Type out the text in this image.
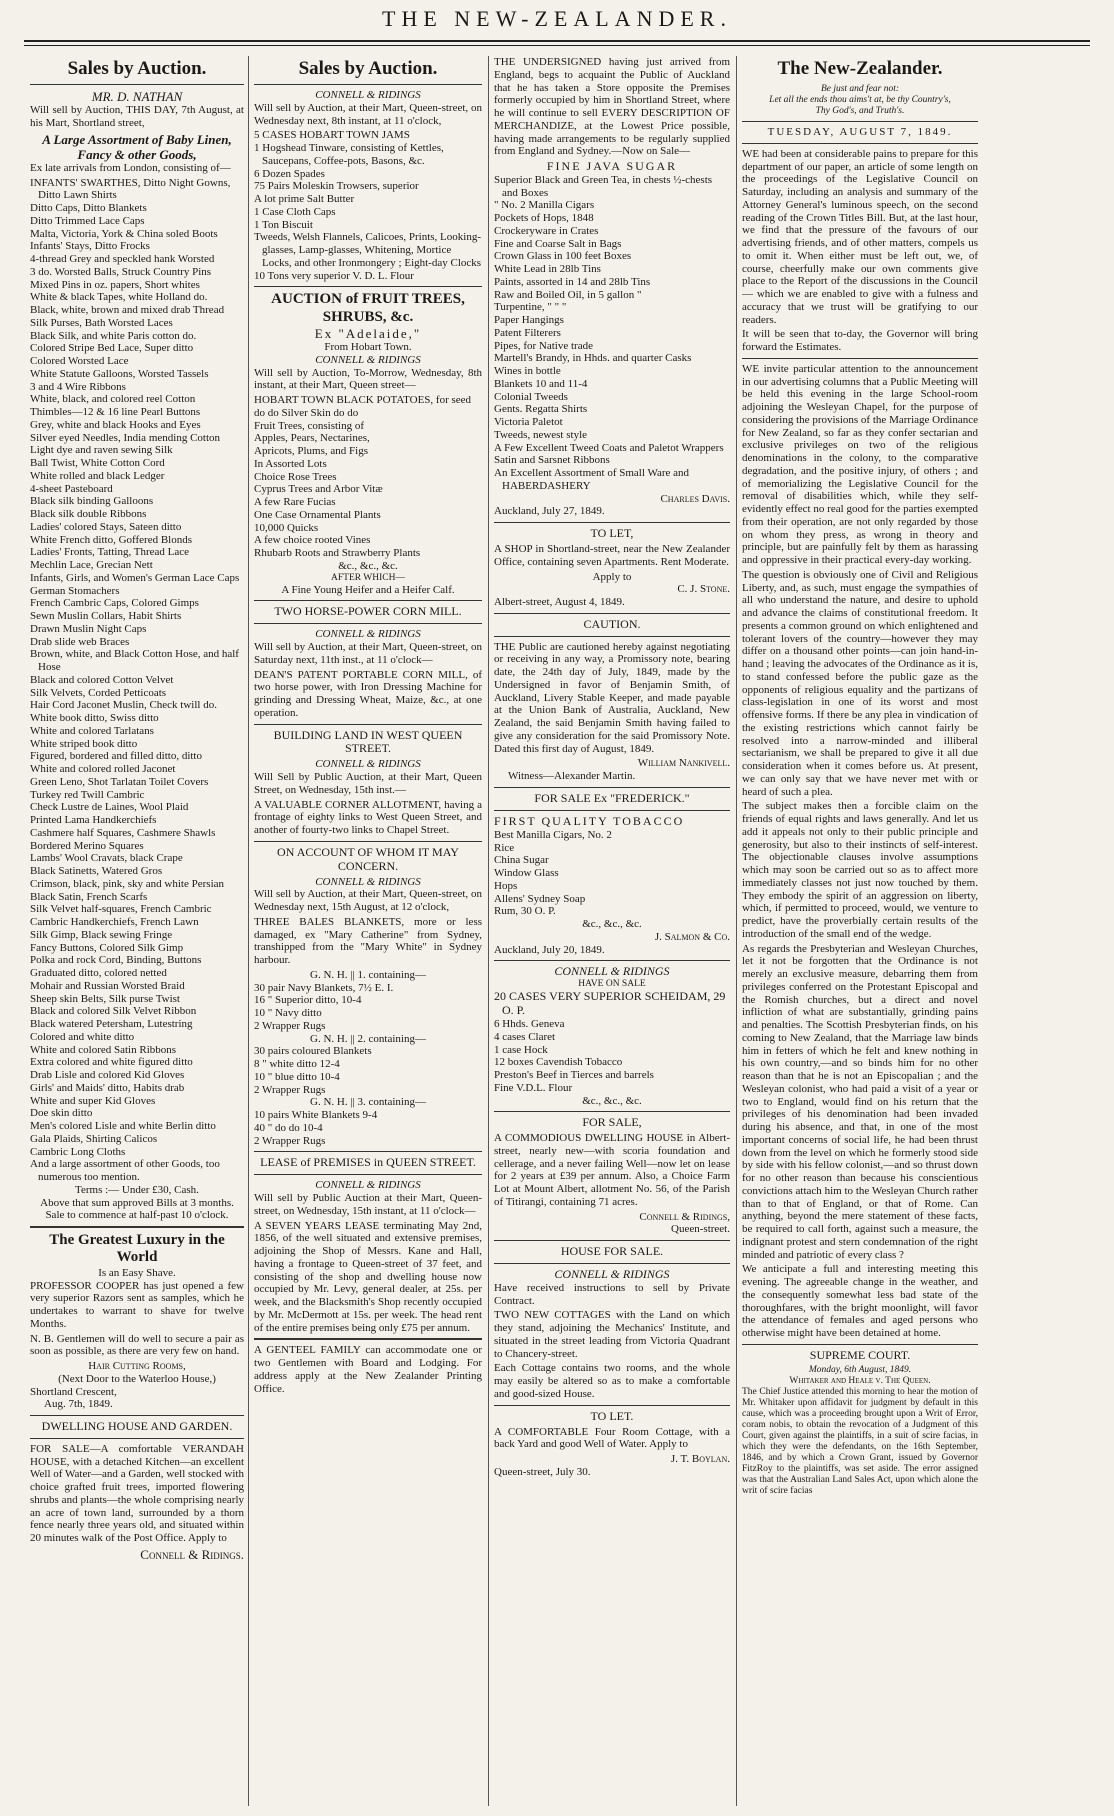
THE NEW-ZEALANDER.
Sales by Auction.
MR. D. NATHAN

Will sell by Auction, THIS DAY, 7th August, at his Mart, Shortland street,

A Large Assortment of Baby Linen, Fancy & other Goods,

Ex late arrivals from London, consisting of—

INFANTS' SWARTHES, Ditto Night Gowns, Ditto Lawn Shirts
Ditto Caps, Ditto Blankets
Ditto Trimmed Lace Caps
Malta, Victoria, York & China soled Boots
Infants' Stays, Ditto Frocks
4-thread Grey and speckled hank Worsted
3 do. Worsted Balls, Struck Country Pins
Mixed Pins in oz. papers, Short whites
White & black Tapes, white Holland do.
Black, white, brown and mixed drab Thread
Silk Purses, Bath Worsted Laces
Black Silk, and white Paris cotton do.
Colored Stripe Bed Lace, Super ditto
Colored Worsted Lace
White Statute Galloons, Worsted Tassels
3 and 4 Wire Ribbons
White, black, and colored reel Cotton
Thimbles—12 & 16 line Pearl Buttons
Grey, white and black Hooks and Eyes
Silver eyed Needles, India mending Cotton
Light dye and raven sewing Silk
Ball Twist, White Cotton Cord
White rolled and black Ledger
4-sheet Pasteboard
Black silk binding Galloons
Black silk double Ribbons
Ladies' colored Stays, Sateen ditto
White French ditto, Goffered Blonds
Ladies' Fronts, Tatting, Thread Lace
Mechlin Lace, Grecian Nett
Infants, Girls, and Women's German Lace Caps
German Stomachers
French Cambric Caps, Colored Gimps
Sewn Muslin Collars, Habit Shirts
Drawn Muslin Night Caps
Drab slide web Braces
Brown, white, and Black Cotton Hose, and half Hose
Black and colored Cotton Velvet
Silk Velvets, Corded Petticoats
Hair Cord Jaconet Muslin, Check twill do.
White book ditto, Swiss ditto
White and colored Tarlatans
White striped book ditto
Figured, bordered and filled ditto, ditto
White and colored rolled Jaconet
Green Leno, Shot Tarlatan Toilet Covers
Turkey red Twill Cambric
Check Lustre de Laines, Wool Plaid
Printed Lama Handkerchiefs
Cashmere half Squares, Cashmere Shawls
Bordered Merino Squares
Lambs' Wool Cravats, black Crape
Black Satinetts, Watered Gros
Crimson, black, pink, sky and white Persian
Black Satin, French Scarfs
Silk Velvet half-squares, French Cambric
Cambric Handkerchiefs, French Lawn
Silk Gimp, Black sewing Fringe
Fancy Buttons, Colored Silk Gimp
Polka and rock Cord, Binding, Buttons
Graduated ditto, colored netted
Mohair and Russian Worsted Braid
Sheep skin Belts, Silk purse Twist
Black and colored Silk Velvet Ribbon
Black watered Petersham, Lutestring
Colored and white ditto
White and colored Satin Ribbons
Extra colored and white figured ditto
Drab Lisle and colored Kid Gloves
Girls' and Maids' ditto, Habits drab
White and super Kid Gloves
Doe skin ditto
Men's colored Lisle and white Berlin ditto
Gala Plaids, Shirting Calicos
Cambric Long Cloths
And a large assortment of other Goods, too numerous too mention.
Terms :— Under £30, Cash.
Above that sum approved Bills at 3 months.
Sale to commence at half-past 10 o'clock.
The Greatest Luxury in the World
Is an Easy Shave.

PROFESSOR COOPER has just opened a few very superior Razors sent as samples, which he undertakes to warrant to shave for twelve Months.

N. B. Gentlemen will do well to secure a pair as soon as possible, as there are very few on hand.

Hair Cutting Rooms,
(Next Door to the Waterloo House,)
Shortland Crescent,
Aug. 7th, 1849.
DWELLING HOUSE AND GARDEN.

FOR SALE—A comfortable VERANDAH HOUSE, with a detached Kitchen—an excellent Well of Water—and a Garden, well stocked with choice grafted fruit trees, imported flowering shrubs and plants—the whole comprising nearly an acre of town land, surrounded by a thorn fence nearly three years old, and situated within 20 minutes walk of the Post Office. Apply to

Connell & Ridings.
Sales by Auction.
CONNELL & RIDINGS

Will sell by Auction, at their Mart, Queen-street, on Wednesday next, 8th instant, at 11 o'clock,

5 CASES HOBART TOWN JAMS
1 Hogshead Tinware, consisting of Kettles, Saucepans, Coffee-pots, Basons, &c.
6 Dozen Spades
75 Pairs Moleskin Trowsers, superior
A lot prime Salt Butter
1 Case Cloth Caps
1 Ton Biscuit
Tweeds, Welsh Flannels, Calicoes, Prints, Looking-glasses, Lamp-glasses, Whitening, Mortice Locks, and other Ironmongery ; Eight-day Clocks
10 Tons very superior V. D. L. Flour
AUCTION of FRUIT TREES, SHRUBS, &c.
Ex "Adelaide,"
From Hobart Town.
CONNELL & RIDINGS

Will sell by Auction, To-Morrow, Wednesday, 8th instant, at their Mart, Queen street—

HOBART TOWN BLACK POTATOES, for seed
do do Silver Skin do do
Fruit Trees, consisting of
Apples, Pears, Nectarines,
Apricots, Plums, and Figs
In Assorted Lots
Choice Rose Trees
Cyprus Trees and Arbor Vitæ
A few Rare Fucias
One Case Ornamental Plants
10,000 Quicks
A few choice rooted Vines
Rhubarb Roots and Strawberry Plants
&c., &c., &c.
AFTER WHICH—
A Fine Young Heifer and a Heifer Calf.
TWO HORSE-POWER CORN MILL.
CONNELL & RIDINGS

Will sell by Auction, at their Mart, Queen-street, on Saturday next, 11th inst., at 11 o'clock—

DEAN'S PATENT PORTABLE CORN MILL, of two horse power, with Iron Dressing Machine for grinding and Dressing Wheat, Maize, &c., at one operation.

BUILDING LAND IN WEST QUEEN STREET.
CONNELL & RIDINGS

Will Sell by Public Auction, at their Mart, Queen Street, on Wednesday, 15th inst.—

A VALUABLE CORNER ALLOTMENT, having a frontage of eighty links to West Queen Street, and another of fourty-two links to Chapel Street.

ON ACCOUNT OF WHOM IT MAY CONCERN.
CONNELL & RIDINGS

Will sell by Auction, at their Mart, Queen-street, on Wednesday next, 15th August, at 12 o'clock,

THREE BALES BLANKETS, more or less damaged, ex "Mary Catherine" from Sydney, transhipped from the "Mary White" in Sydney harbour.

G. N. H. || 1. containing—
30 pair Navy Blankets, 7½ E. I.
16 " Superior ditto, 10-4
10 " Navy ditto
2 Wrapper Rugs
G. N. H. || 2. containing—
30 pairs coloured Blankets
8 " white ditto 12-4
10 " blue ditto 10-4
2 Wrapper Rugs
G. N. H. || 3. containing—
10 pairs White Blankets 9-4
40 " do do 10-4
2 Wrapper Rugs
LEASE of PREMISES in QUEEN STREET.
CONNELL & RIDINGS

Will sell by Public Auction at their Mart, Queen-street, on Wednesday, 15th instant, at 11 o'clock—

A SEVEN YEARS LEASE terminating May 2nd, 1856, of the well situated and extensive premises, adjoining the Shop of Messrs. Kane and Hall, having a frontage to Queen-street of 37 feet, and consisting of the shop and dwelling house now occupied by Mr. Levy, general dealer, at 25s. per week, and the Blacksmith's Shop recently occupied by Mr. McDermott at 15s. per week. The head rent of the entire premises being only £75 per annum.

A GENTEEL FAMILY can accommodate one or two Gentlemen with Board and Lodging. For address apply at the New Zealander Printing Office.

THE UNDERSIGNED having just arrived from England, begs to acquaint the Public of Auckland that he has taken a Store opposite the Premises formerly occupied by him in Shortland Street, where he will continue to sell EVERY DESCRIPTION OF MERCHANDIZE, at the Lowest Price possible, having made arrangements to be regularly supplied from England and Sydney.—Now on Sale—

FINE JAVA SUGAR
Superior Black and Green Tea, in chests ½-chests and Boxes
" No. 2 Manilla Cigars
Pockets of Hops, 1848
Crockeryware in Crates
Fine and Coarse Salt in Bags
Crown Glass in 100 feet Boxes
White Lead in 28lb Tins
Paints, assorted in 14 and 28lb Tins
Raw and Boiled Oil, in 5 gallon "
Turpentine, " " "
Paper Hangings
Patent Filterers
Pipes, for Native trade
Martell's Brandy, in Hhds. and quarter Casks
Wines in bottle
Blankets 10 and 11-4
Colonial Tweeds
Gents. Regatta Shirts
Victoria Paletot
Tweeds, newest style
A Few Excellent Tweed Coats and Paletot Wrappers
Satin and Sarsnet Ribbons
An Excellent Assortment of Small Ware and HABERDASHERY
Charles Davis.
Auckland, July 27, 1849.
TO LET,

A SHOP in Shortland-street, near the New Zealander Office, containing seven Apartments. Rent Moderate.

Apply to
C. J. Stone.
Albert-street, August 4, 1849.
CAUTION.

THE Public are cautioned hereby against negotiating or receiving in any way, a Promissory note, bearing date, the 24th day of July, 1849, made by the Undersigned in favor of Benjamin Smith, of Auckland, Livery Stable Keeper, and made payable at the Union Bank of Australia, Auckland, New Zealand, the said Benjamin Smith having failed to give any consideration for the said Promissory Note. Dated this first day of August, 1849.

William Nankivell.
Witness—Alexander Martin.
FOR SALE Ex "FREDERICK."
FIRST QUALITY TOBACCO
Best Manilla Cigars, No. 2
Rice
China Sugar
Window Glass
Hops
Allens' Sydney Soap
Rum, 30 O. P.
&c., &c., &c.
J. Salmon & Co.
Auckland, July 20, 1849.
CONNELL & RIDINGS
HAVE ON SALE
20 CASES VERY SUPERIOR SCHEIDAM, 29 O. P.
6 Hhds. Geneva
4 cases Claret
1 case Hock
12 boxes Cavendish Tobacco
Preston's Beef in Tierces and barrels
Fine V.D.L. Flour
&c., &c., &c.
FOR SALE,

A COMMODIOUS DWELLING HOUSE in Albert-street, nearly new—with scoria foundation and cellerage, and a never failing Well—now let on lease for 2 years at £39 per annum. Also, a Choice Farm Lot at Mount Albert, allotment No. 56, of the Parish of Titirangi, containing 71 acres.

Connell & Ridings,
Queen-street.
HOUSE FOR SALE.
CONNELL & RIDINGS

Have received instructions to sell by Private Contract.

TWO NEW COTTAGES with the Land on which they stand, adjoining the Mechanics' Institute, and situated in the street leading from Victoria Quadrant to Chancery-street.

Each Cottage contains two rooms, and the whole may easily be altered so as to make a comfortable and good-sized House.

TO LET.

A COMFORTABLE Four Room Cottage, with a back Yard and good Well of Water. Apply to

J. T. Boylan.
Queen-street, July 30.
The New-Zealander.
Be just and fear not:
Let all the ends thou aims't at, be thy Country's,
Thy God's, and Truth's.
TUESDAY, AUGUST 7, 1849.

WE had been at considerable pains to prepare for this department of our paper, an article of some length on the proceedings of the Legislative Council on Saturday, including an analysis and summary of the Attorney General's luminous speech, on the second reading of the Crown Titles Bill. But, at the last hour, we find that the pressure of the favours of our advertising friends, and of other matters, compels us to omit it. When either must be left out, we, of course, cheerfully make our own comments give place to the Report of the discussions in the Council — which we are enabled to give with a fulness and accuracy that we trust will be gratifying to our readers.

It will be seen that to-day, the Governor will bring forward the Estimates.

WE invite particular attention to the announcement in our advertising columns that a Public Meeting will be held this evening in the large School-room adjoining the Wesleyan Chapel, for the purpose of considering the provisions of the Marriage Ordinance for New Zealand, so far as they confer sectarian and exclusive privileges on two of the religious denominations in the colony, to the comparative degradation, and the positive injury, of others ; and of memorializing the Legislative Council for the removal of disabilities which, while they self-evidently effect no real good for the parties exempted from their operation, are not only regarded by those on whom they press, as wrong in theory and principle, but are painfully felt by them as harassing and oppressive in their practical every-day working.

The question is obviously one of Civil and Religious Liberty, and, as such, must engage the sympathies of all who understand the nature, and desire to uphold and advance the claims of constitutional freedom. It presents a common ground on which enlightened and tolerant lovers of the country—however they may differ on a thousand other points—can join hand-in-hand ; leaving the advocates of the Ordinance as it is, to stand confessed before the public gaze as the opponents of religious equality and the partizans of class-legislation in one of its worst and most offensive forms. If there be any plea in vindication of the existing restrictions which cannot fairly be resolved into a narrow-minded and illiberal sectarianism, we shall be prepared to give it all due consideration when it comes before us. At present, we can only say that we have never met with or heard of such a plea.

The subject makes then a forcible claim on the friends of equal rights and laws generally. And let us add it appeals not only to their public principle and generosity, but also to their instincts of self-interest. The objectionable clauses involve assumptions which may soon be carried out so as to affect more immediately classes not just now touched by them. They embody the spirit of an aggression on liberty, which, if permitted to proceed, would, we venture to predict, have the proverbially certain results of the introduction of the small end of the wedge.

As regards the Presbyterian and Wesleyan Churches, let it not be forgotten that the Ordinance is not merely an exclusive measure, debarring them from privileges conferred on the Protestant Episcopal and the Romish churches, but a direct and novel infliction of what are substantially, grinding pains and penalties. The Scottish Presbyterian finds, on his coming to New Zealand, that the Marriage law binds him in fetters of which he felt and knew nothing in his own country,—and so binds him for no other reason than that he is not an Episcopalian ; and the Wesleyan colonist, who had paid a visit of a year or two to England, would find on his return that the privileges of his denomination had been invaded during his absence, and that, in one of the most important concerns of social life, he had been thrust down from the level on which he formerly stood side by side with his fellow colonist,—and so thrust down for no other reason than because his conscientious convictions attach him to the Wesleyan Church rather than to that of England, or that of Rome. Can anything, beyond the mere statement of these facts, be required to call forth, against such a measure, the indignant protest and stern condemnation of the right minded and patriotic of every class ?

We anticipate a full and interesting meeting this evening. The agreeable change in the weather, and the consequently somewhat less bad state of the thoroughfares, with the bright moonlight, will favor the attendance of females and aged persons who otherwise might have been detained at home.

SUPREME COURT.
Monday, 6th August, 1849.
Whitaker and Heale v. The Queen.

The Chief Justice attended this morning to hear the motion of Mr. Whitaker upon affidavit for judgment by default in this cause, which was a proceeding brought upon a Writ of Error, coram nobis, to obtain the revocation of a Judgment of this Court, given against the plaintiffs, in a suit of scire facias, in which they were the defendants, on the 16th September, 1846, and by which a Crown Grant, issued by Governor FitzRoy to the plaintiffs, was set aside. The error assigned was that the Australian Land Sales Act, upon which alone the writ of scire facias
